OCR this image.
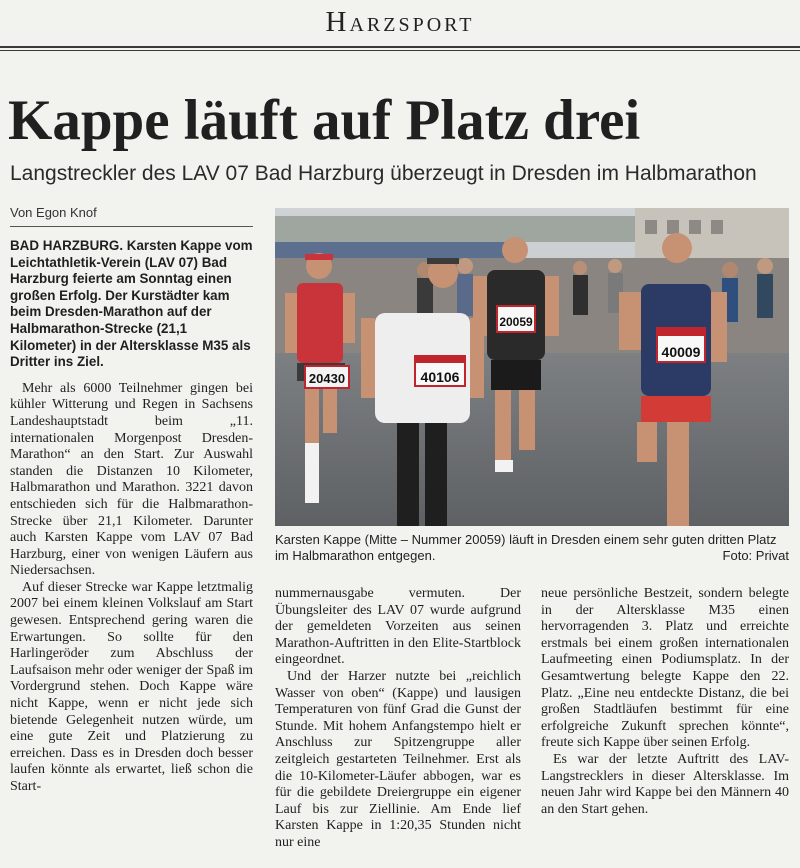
Harzsport
Kappe läuft auf Platz drei
Langstreckler des LAV 07 Bad Harzburg überzeugt in Dresden im Halbmarathon
Von Egon Knof

BAD HARZBURG. Karsten Kappe vom Leichtathletik-Verein (LAV 07) Bad Harzburg feierte am Sonntag einen großen Erfolg. Der Kurstädter kam beim Dresden-Marathon auf der Halbmarathon-Strecke (21,1 Kilometer) in der Altersklasse M35 als Dritter ins Ziel.

Mehr als 6000 Teilnehmer gingen bei kühler Witterung und Regen in Sachsens Landeshauptstadt beim „11. internationalen Morgenpost Dresden-Marathon“ an den Start. Zur Auswahl standen die Distanzen 10 Kilometer, Halbmarathon und Marathon. 3221 davon entschieden sich für die Halbmarathon-Strecke über 21,1 Kilometer. Darunter auch Karsten Kappe vom LAV 07 Bad Harzburg, einer von wenigen Läufern aus Niedersachsen.

Auf dieser Strecke war Kappe letztmalig 2007 bei einem kleinen Volkslauf am Start gewesen. Entsprechend gering waren die Erwartungen. So sollte für den Harlingeröder zum Abschluss der Laufsaison mehr oder weniger der Spaß im Vordergrund stehen. Doch Kappe wäre nicht Kappe, wenn er nicht jede sich bietende Gelegenheit nutzen würde, um eine gute Zeit und Platzierung zu erreichen. Dass es in Dresden doch besser laufen könnte als erwartet, ließ schon die Start-

20430	40106
20059
40009
Karsten Kappe (Mitte – Nummer 20059) läuft in Dresden einem sehr guten dritten Platz im Halbmarathon entgegen.	Foto: Privat

nummernausgabe vermuten. Der Übungsleiter des LAV 07 wurde aufgrund der gemeldeten Vorzeiten aus seinen Marathon-Auftritten in den Elite-Startblock eingeordnet.

Und der Harzer nutzte bei „reichlich Wasser von oben“ (Kappe) und lausigen Temperaturen von fünf Grad die Gunst der Stunde. Mit hohem Anfangstempo hielt er Anschluss zur Spitzengruppe aller zeitgleich gestarteten Teilnehmer. Erst als die 10-Kilometer-Läufer abbogen, war es für die gebildete Dreiergruppe ein eigener Lauf bis zur Ziellinie. Am Ende lief Karsten Kappe in 1:20,35 Stunden nicht nur eine

neue persönliche Bestzeit, sondern belegte in der Altersklasse M35 einen hervorragenden 3. Platz und erreichte erstmals bei einem großen internationalen Laufmeeting einen Podiumsplatz. In der Gesamtwertung belegte Kappe den 22. Platz. „Eine neu entdeckte Distanz, die bei großen Stadtläufen bestimmt für eine erfolgreiche Zukunft sprechen könnte“, freute sich Kappe über seinen Erfolg.

Es war der letzte Auftritt des LAV-Langstrecklers in dieser Altersklasse. Im neuen Jahr wird Kappe bei den Männern 40 an den Start gehen.
